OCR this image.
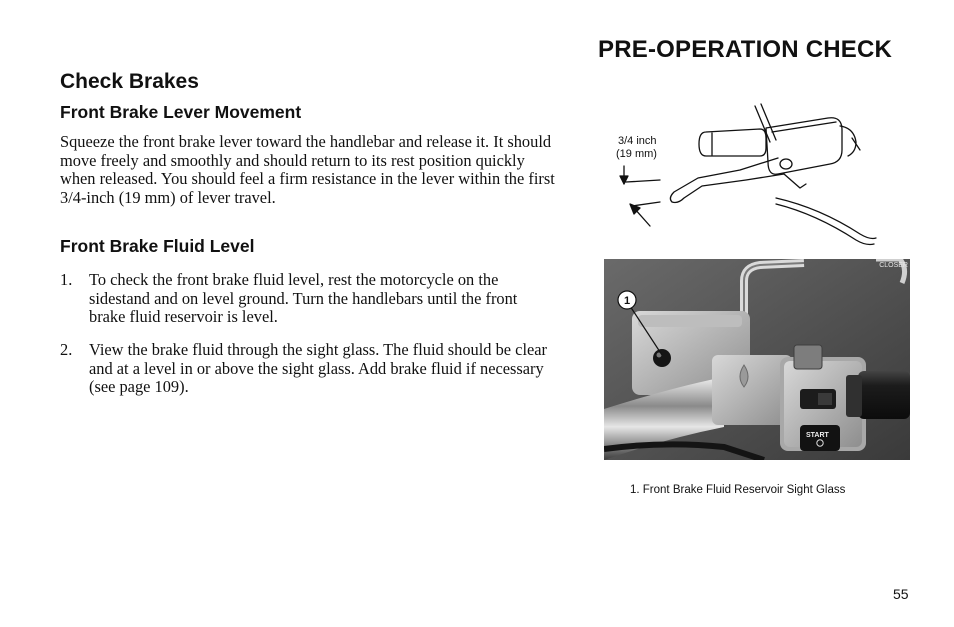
PRE-OPERATION CHECK
Check Brakes
Front Brake Lever Movement
Squeeze the front brake lever toward the handlebar and release it. It should move freely and smoothly and should return to its rest position quickly when released. You should feel a firm resistance in the lever within the first 3/4-inch (19 mm) of lever travel.
Front Brake Fluid Level
1. To check the front brake fluid level, rest the motorcycle on the sidestand and on level ground. Turn the handlebars until the front brake fluid reservoir is level.
2. View the brake fluid through the sight glass. The fluid should be clear and at a level in or above the sight glass. Add brake fluid if necessary (see page 109).
3/4 inch
(19 mm)
START
1
CLOSER
1. Front Brake Fluid Reservoir Sight Glass
55
